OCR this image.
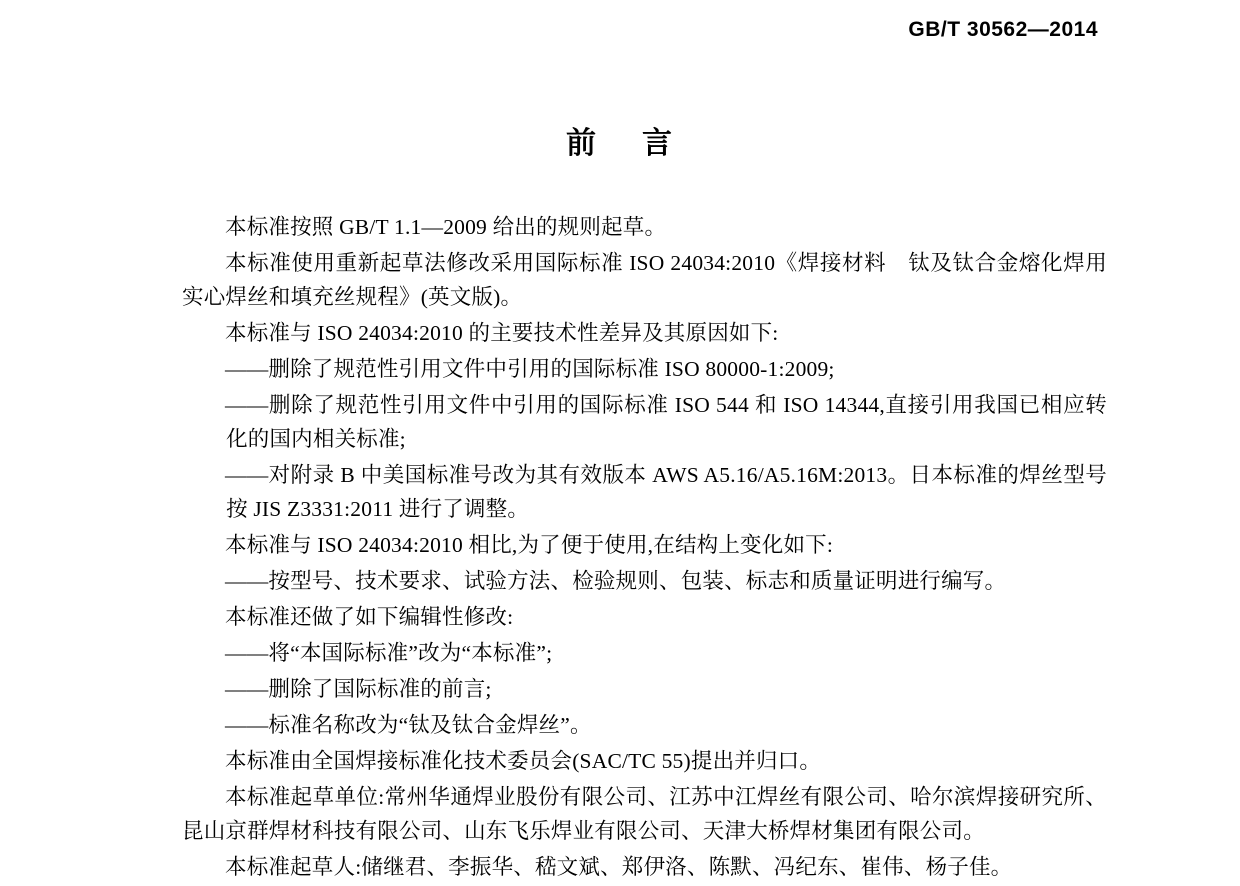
GB/T 30562—2014
前 言

本标准按照 GB/T 1.1—2009 给出的规则起草。

本标准使用重新起草法修改采用国际标准 ISO 24034:2010《焊接材料　钛及钛合金熔化焊用实心焊丝和填充丝规程》(英文版)。

本标准与 ISO 24034:2010 的主要技术性差异及其原因如下:

——删除了规范性引用文件中引用的国际标准 ISO 80000-1:2009;

——删除了规范性引用文件中引用的国际标准 ISO 544 和 ISO 14344,直接引用我国已相应转化的国内相关标准;

——对附录 B 中美国标准号改为其有效版本 AWS A5.16/A5.16M:2013。日本标准的焊丝型号按 JIS Z3331:2011 进行了调整。

本标准与 ISO 24034:2010 相比,为了便于使用,在结构上变化如下:

——按型号、技术要求、试验方法、检验规则、包装、标志和质量证明进行编写。

本标准还做了如下编辑性修改:

——将“本国际标准”改为“本标准”;

——删除了国际标准的前言;

——标准名称改为“钛及钛合金焊丝”。

本标准由全国焊接标准化技术委员会(SAC/TC 55)提出并归口。

本标准起草单位:常州华通焊业股份有限公司、江苏中江焊丝有限公司、哈尔滨焊接研究所、昆山京群焊材科技有限公司、山东飞乐焊业有限公司、天津大桥焊材集团有限公司。

本标准起草人:储继君、李振华、嵇文斌、郑伊洛、陈默、冯纪东、崔伟、杨子佳。
